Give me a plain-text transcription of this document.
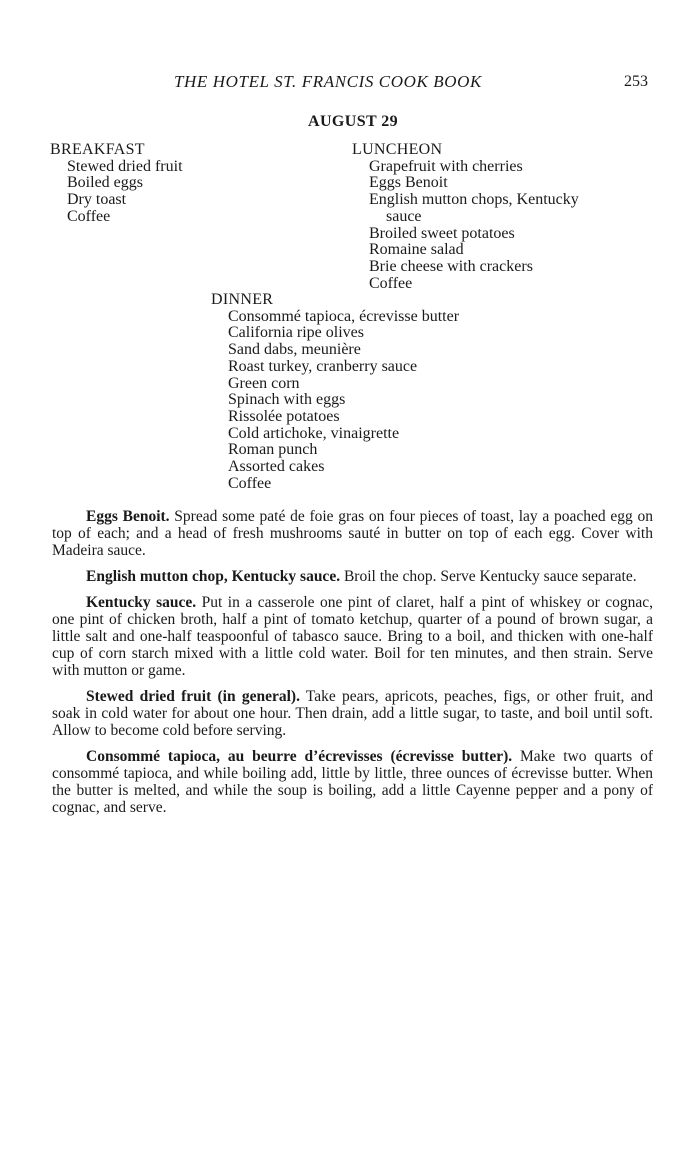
THE HOTEL ST. FRANCIS COOK BOOK	253
AUGUST 29
BREAKFAST
Stewed dried fruit
Boiled eggs
Dry toast
Coffee
LUNCHEON
Grapefruit with cherries
Eggs Benoit
English mutton chops, Kentucky
sauce
Broiled sweet potatoes
Romaine salad
Brie cheese with crackers
Coffee
DINNER
Consommé tapioca, écrevisse butter
California ripe olives
Sand dabs, meunière
Roast turkey, cranberry sauce
Green corn
Spinach with eggs
Rissolée potatoes
Cold artichoke, vinaigrette
Roman punch
Assorted cakes
Coffee

Eggs Benoit. Spread some paté de foie gras on four pieces of toast, lay a poached egg on top of each; and a head of fresh mushrooms sauté in butter on top of each egg. Cover with Madeira sauce.

English mutton chop, Kentucky sauce. Broil the chop. Serve Kentucky sauce separate.

Kentucky sauce. Put in a casserole one pint of claret, half a pint of whiskey or cognac, one pint of chicken broth, half a pint of tomato ketchup, quarter of a pound of brown sugar, a little salt and one-half teaspoonful of tabasco sauce. Bring to a boil, and thicken with one-half cup of corn starch mixed with a little cold water. Boil for ten minutes, and then strain. Serve with mutton or game.

Stewed dried fruit (in general). Take pears, apricots, peaches, figs, or other fruit, and soak in cold water for about one hour. Then drain, add a little sugar, to taste, and boil until soft. Allow to become cold before serving.

Consommé tapioca, au beurre d’écrevisses (écrevisse butter). Make two quarts of consommé tapioca, and while boiling add, little by little, three ounces of écrevisse butter. When the butter is melted, and while the soup is boiling, add a little Cayenne pepper and a pony of cognac, and serve.
